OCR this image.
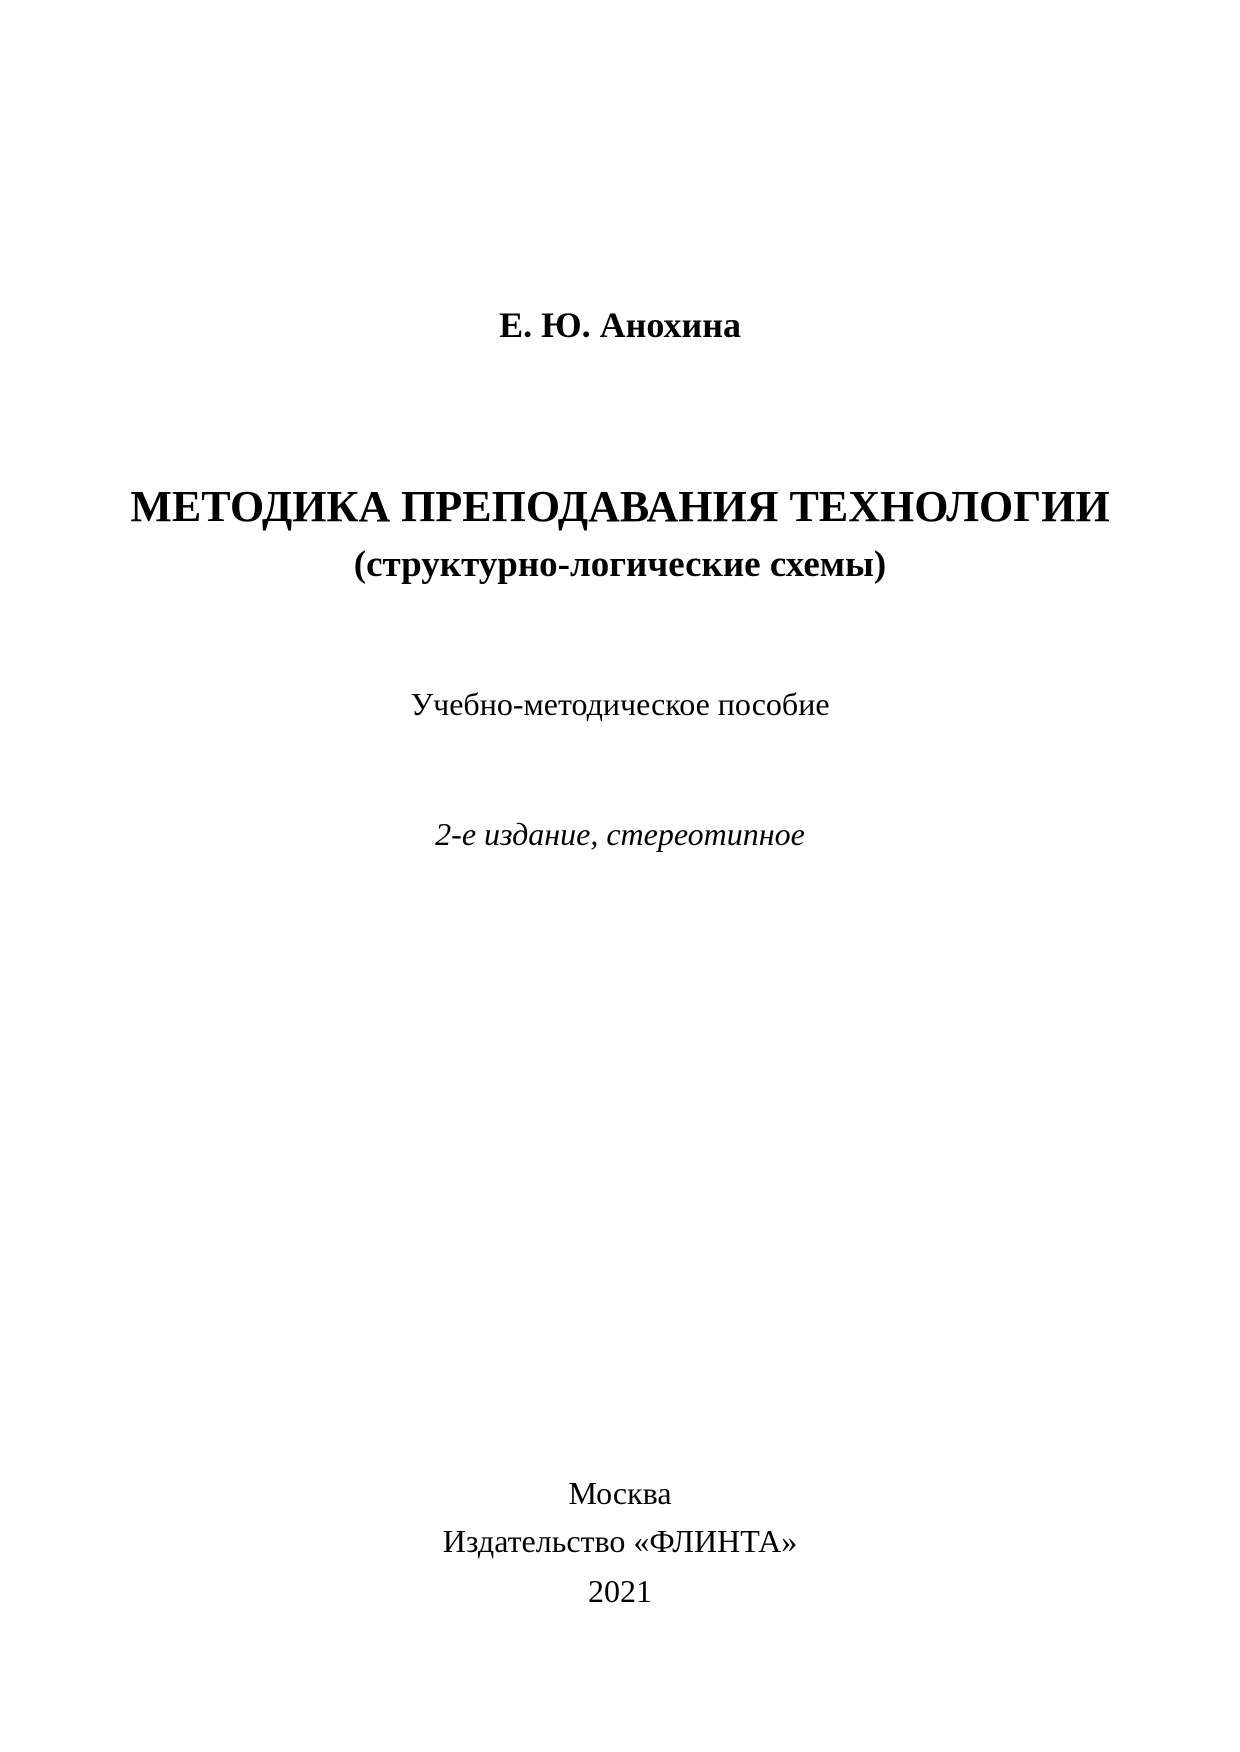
Е. Ю. Анохина
МЕТОДИКА ПРЕПОДАВАНИЯ ТЕХНОЛОГИИ
(структурно-логические схемы)
Учебно-методическое пособие
2-е издание, стереотипное
Москва
Издательство «ФЛИНТА»
2021
